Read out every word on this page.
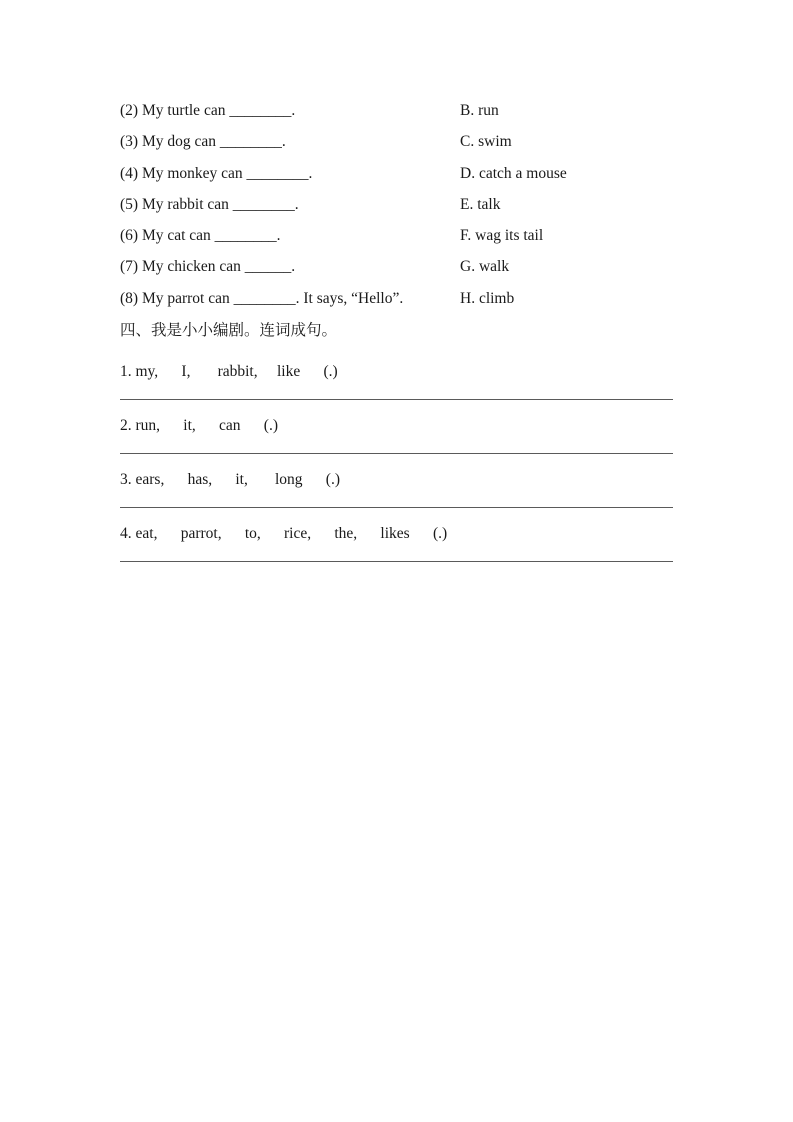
(2) My turtle can ________.	B. run
(3) My dog can ________.	C. swim
(4) My monkey can ________.	D. catch a mouse
(5) My rabbit can ________.	E. talk
(6) My cat can ________.	F. wag its tail
(7) My chicken can ______.	G. walk
(8) My parrot can ________. It says, “Hello”.	H. climb
四、我是小小编剧。连词成句。
1. my,      I,       rabbit,     like      (.)
2. run,      it,      can      (.)
3. ears,      has,      it,       long      (.)
4. eat,      parrot,      to,      rice,      the,      likes      (.)
